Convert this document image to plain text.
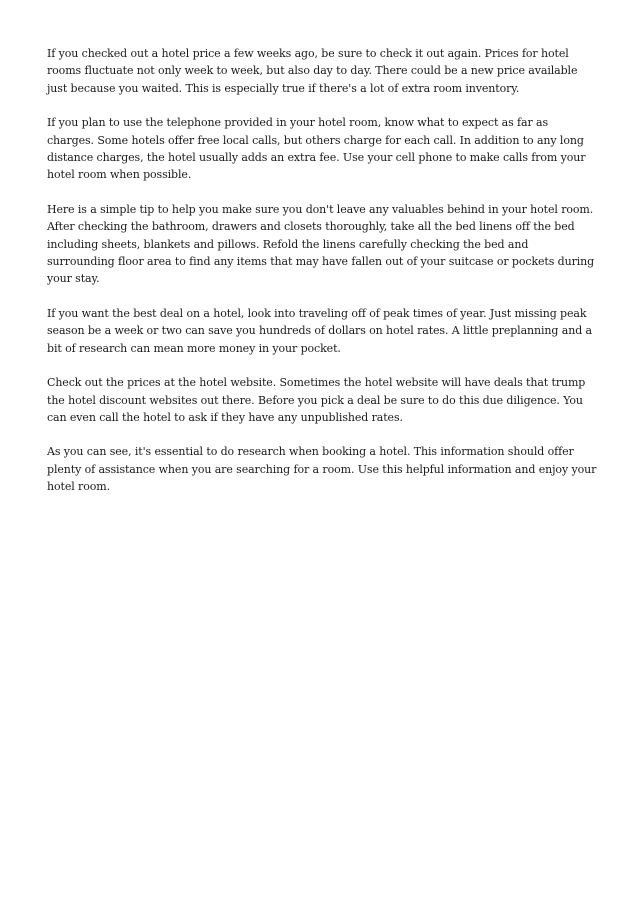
If you checked out a hotel price a few weeks ago, be sure to check it out again. Prices for hotel rooms fluctuate not only week to week, but also day to day. There could be a new price available just because you waited. This is especially true if there's a lot of extra room inventory.

If you plan to use the telephone provided in your hotel room, know what to expect as far as charges. Some hotels offer free local calls, but others charge for each call. In addition to any long distance charges, the hotel usually adds an extra fee. Use your cell phone to make calls from your hotel room when possible.

Here is a simple tip to help you make sure you don't leave any valuables behind in your hotel room. After checking the bathroom, drawers and closets thoroughly, take all the bed linens off the bed including sheets, blankets and pillows. Refold the linens carefully checking the bed and surrounding floor area to find any items that may have fallen out of your suitcase or pockets during your stay.

If you want the best deal on a hotel, look into traveling off of peak times of year. Just missing peak season be a week or two can save you hundreds of dollars on hotel rates. A little preplanning and a bit of research can mean more money in your pocket.

Check out the prices at the hotel website. Sometimes the hotel website will have deals that trump the hotel discount websites out there. Before you pick a deal be sure to do this due diligence. You can even call the hotel to ask if they have any unpublished rates.

As you can see, it's essential to do research when booking a hotel. This information should offer plenty of assistance when you are searching for a room. Use this helpful information and enjoy your hotel room.
